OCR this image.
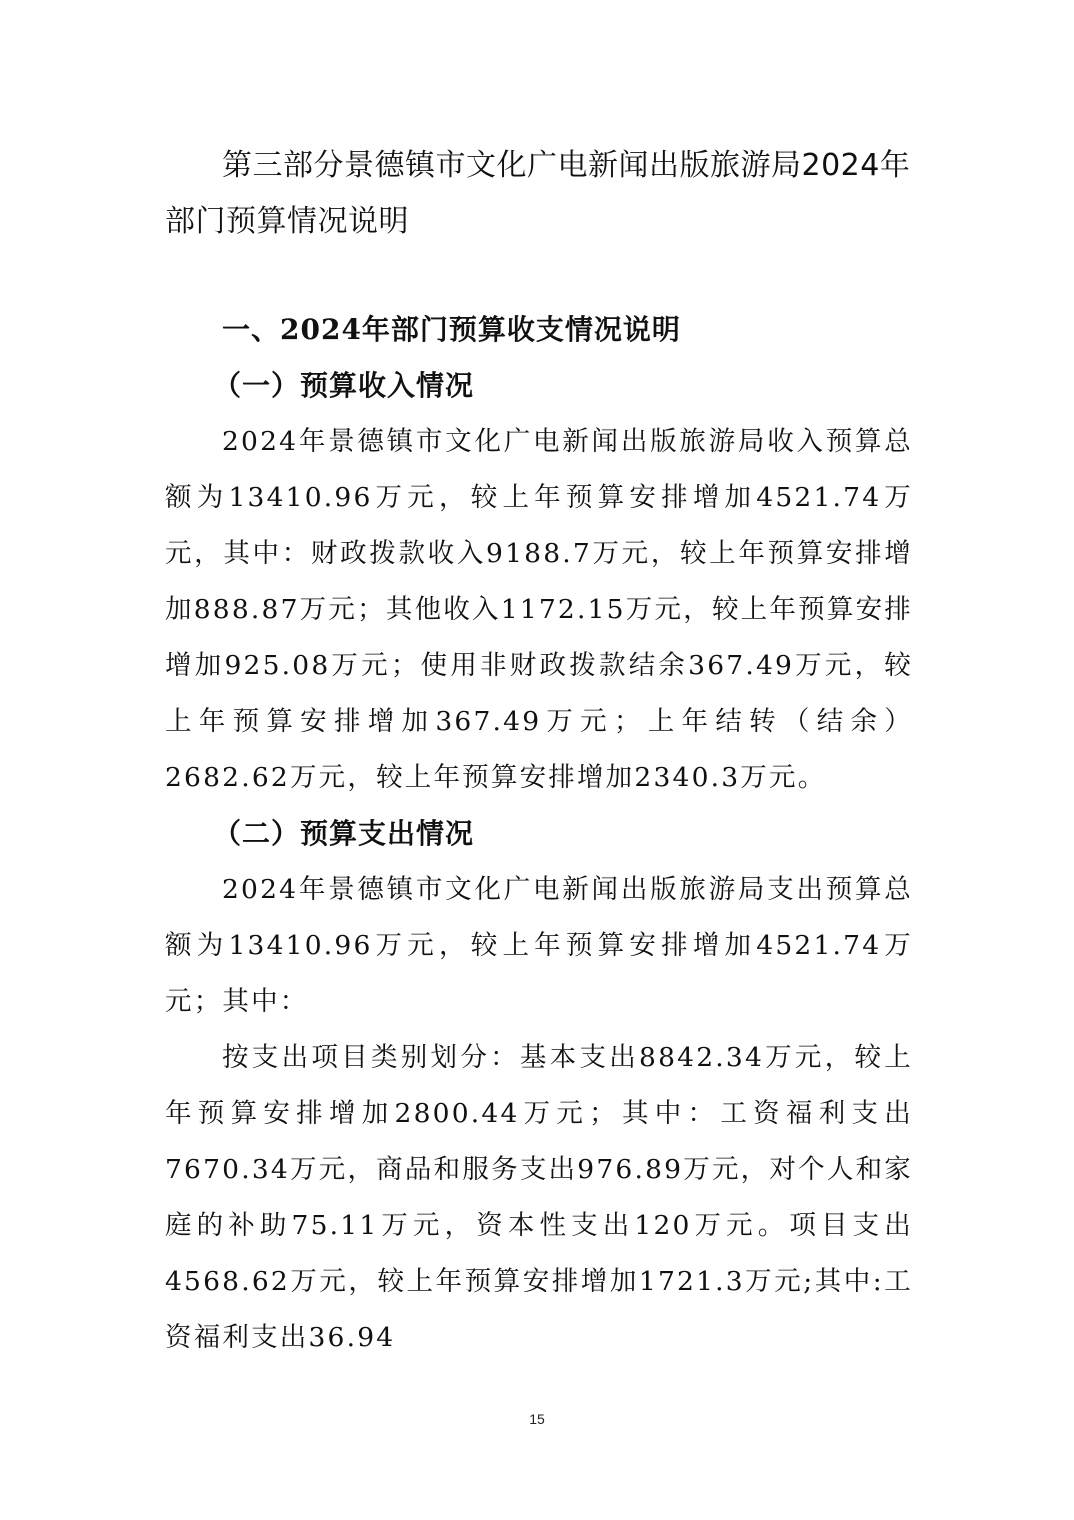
第三部分景德镇市文化广电新闻出版旅游局2024年部门预算情况说明
一、2024年部门预算收支情况说明
（一）预算收入情况

2024年景德镇市文化广电新闻出版旅游局收入预算总额为13410.96万元，较上年预算安排增加4521.74万元，其中：财政拨款收入9188.7万元，较上年预算安排增加888.87万元；其他收入1172.15万元，较上年预算安排增加925.08万元；使用非财政拨款结余367.49万元，较上年预算安排增加367.49万元；上年结转（结余）2682.62万元，较上年预算安排增加2340.3万元。

（二）预算支出情况

2024年景德镇市文化广电新闻出版旅游局支出预算总额为13410.96万元，较上年预算安排增加4521.74万元；其中：

按支出项目类别划分：基本支出8842.34万元，较上年预算安排增加2800.44万元；其中：工资福利支出7670.34万元，商品和服务支出976.89万元，对个人和家庭的补助75.11万元，资本性支出120万元。项目支出4568.62万元，较上年预算安排增加1721.3万元;其中:工资福利支出36.94

15
